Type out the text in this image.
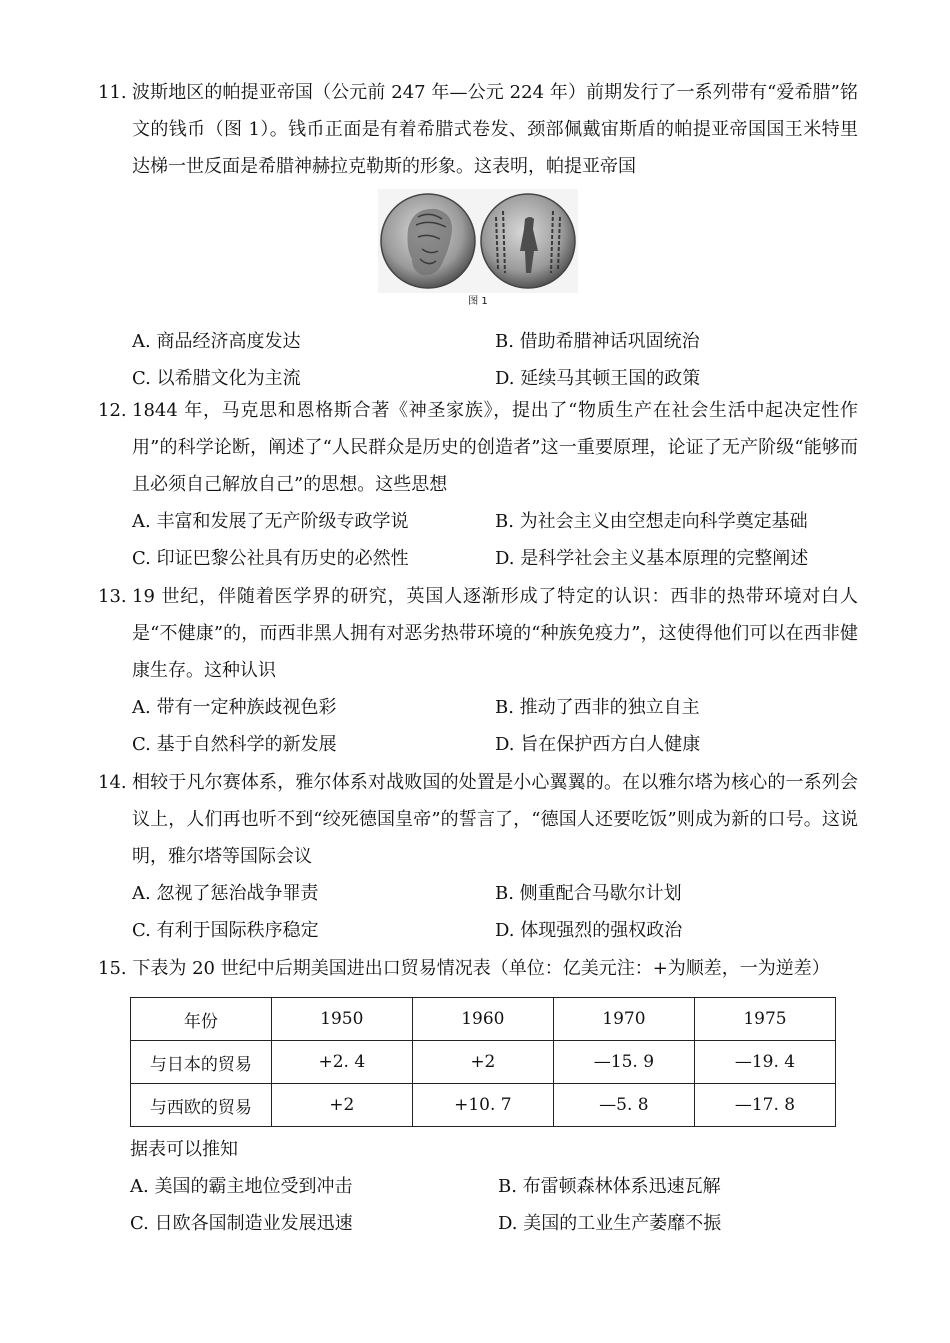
11. 波斯地区的帕提亚帝国（公元前 247 年—公元 224 年）前期发行了一系列带有“爱希腊”铭文的钱币（图 1）。钱币正面是有着希腊式卷发、颈部佩戴宙斯盾的帕提亚帝国国王米特里达梯一世反面是希腊神赫拉克勒斯的形象。这表明，帕提亚帝国
图 1
A. 商品经济高度发达	B. 借助希腊神话巩固统治
C. 以希腊文化为主流	D. 延续马其顿王国的政策
12. 1844 年，马克思和恩格斯合著《神圣家族》，提出了“物质生产在社会生活中起决定性作用”的科学论断，阐述了“人民群众是历史的创造者”这一重要原理，论证了无产阶级“能够而且必须自己解放自己”的思想。这些思想
A. 丰富和发展了无产阶级专政学说	B. 为社会主义由空想走向科学奠定基础
C. 印证巴黎公社具有历史的必然性	D. 是科学社会主义基本原理的完整阐述
13. 19 世纪，伴随着医学界的研究，英国人逐渐形成了特定的认识：西非的热带环境对白人是“不健康”的，而西非黑人拥有对恶劣热带环境的“种族免疫力”，这使得他们可以在西非健康生存。这种认识
A. 带有一定种族歧视色彩	B. 推动了西非的独立自主
C. 基于自然科学的新发展	D. 旨在保护西方白人健康
14. 相较于凡尔赛体系，雅尔体系对战败国的处置是小心翼翼的。在以雅尔塔为核心的一系列会议上，人们再也听不到“绞死德国皇帝”的誓言了，“德国人还要吃饭”则成为新的口号。这说明，雅尔塔等国际会议
A. 忽视了惩治战争罪责	B. 侧重配合马歇尔计划
C. 有利于国际秩序稳定	D. 体现强烈的强权政治
15. 下表为 20 世纪中后期美国进出口贸易情况表（单位：亿美元注：+为顺差，一为逆差）
年份	1950	1960	1970	1975
与日本的贸易	+2. 4	+2	—15. 9	—19. 4
与西欧的贸易	+2	+10. 7	—5. 8	—17. 8
据表可以推知
A. 美国的霸主地位受到冲击	B. 布雷顿森林体系迅速瓦解
C. 日欧各国制造业发展迅速	D. 美国的工业生产萎靡不振
